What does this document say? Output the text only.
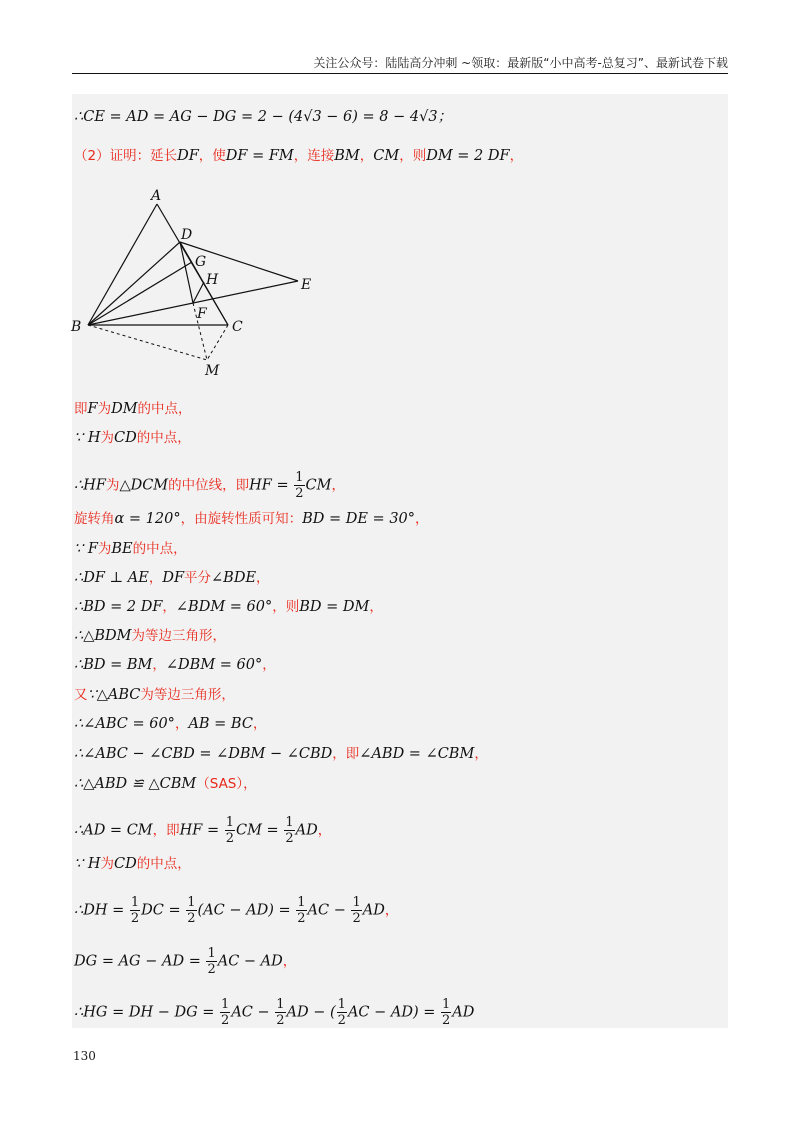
关注公众号：陆陆高分冲刺 ~领取：最新版“小中高考-总复习”、最新试卷下载
∴CE = AD = AG − DG = 2 − (4√3 − 6) = 8 − 4√3；
（2）证明：延长DF，使DF = FM，连接BM，CM，则DM = 2 DF，
A
D
E
G
H
F
B	C
M
即F为DM的中点，
∵ H为CD的中点，
∴HF为△DCM的中位线，即HF = $\frac{1}{2}$ CM，
旋转角α = 120°，由旋转性质可知：BD = DE = 30°，
∵ F为BE的中点，
∴DF ⊥ AE，DF平分∠BDE，
∴BD = 2 DF，∠BDM = 60°，则BD = DM，
∴△BDM为等边三角形，
∴BD = BM，∠DBM = 60°，
又∵△ABC为等边三角形，
∴∠ABC = 60°，AB = BC，
∴∠ABC − ∠CBD = ∠DBM − ∠CBD，即∠ABD = ∠CBM，
∴△ABD ≌ △CBM（SAS），
∴AD = CM，即HF = $\frac{1}{2}$ CM = $\frac{1}{2}$ AD，
∵ H为CD的中点，
∴DH = $\frac{1}{2}$ DC = $\frac{1}{2} (AC - AD) = \frac{1}{2}$ AC − $\frac{1}{2}$ AD，
DG = AG − AD = $\frac{1}{2}$ AC − AD，
∴HG = DH − DG = $\frac{1}{2}$ AC − $\frac{1}{2}$ AD − ( $\frac{1}{2}$ AC − $AD) = \frac{1}{2}$ AD
130
